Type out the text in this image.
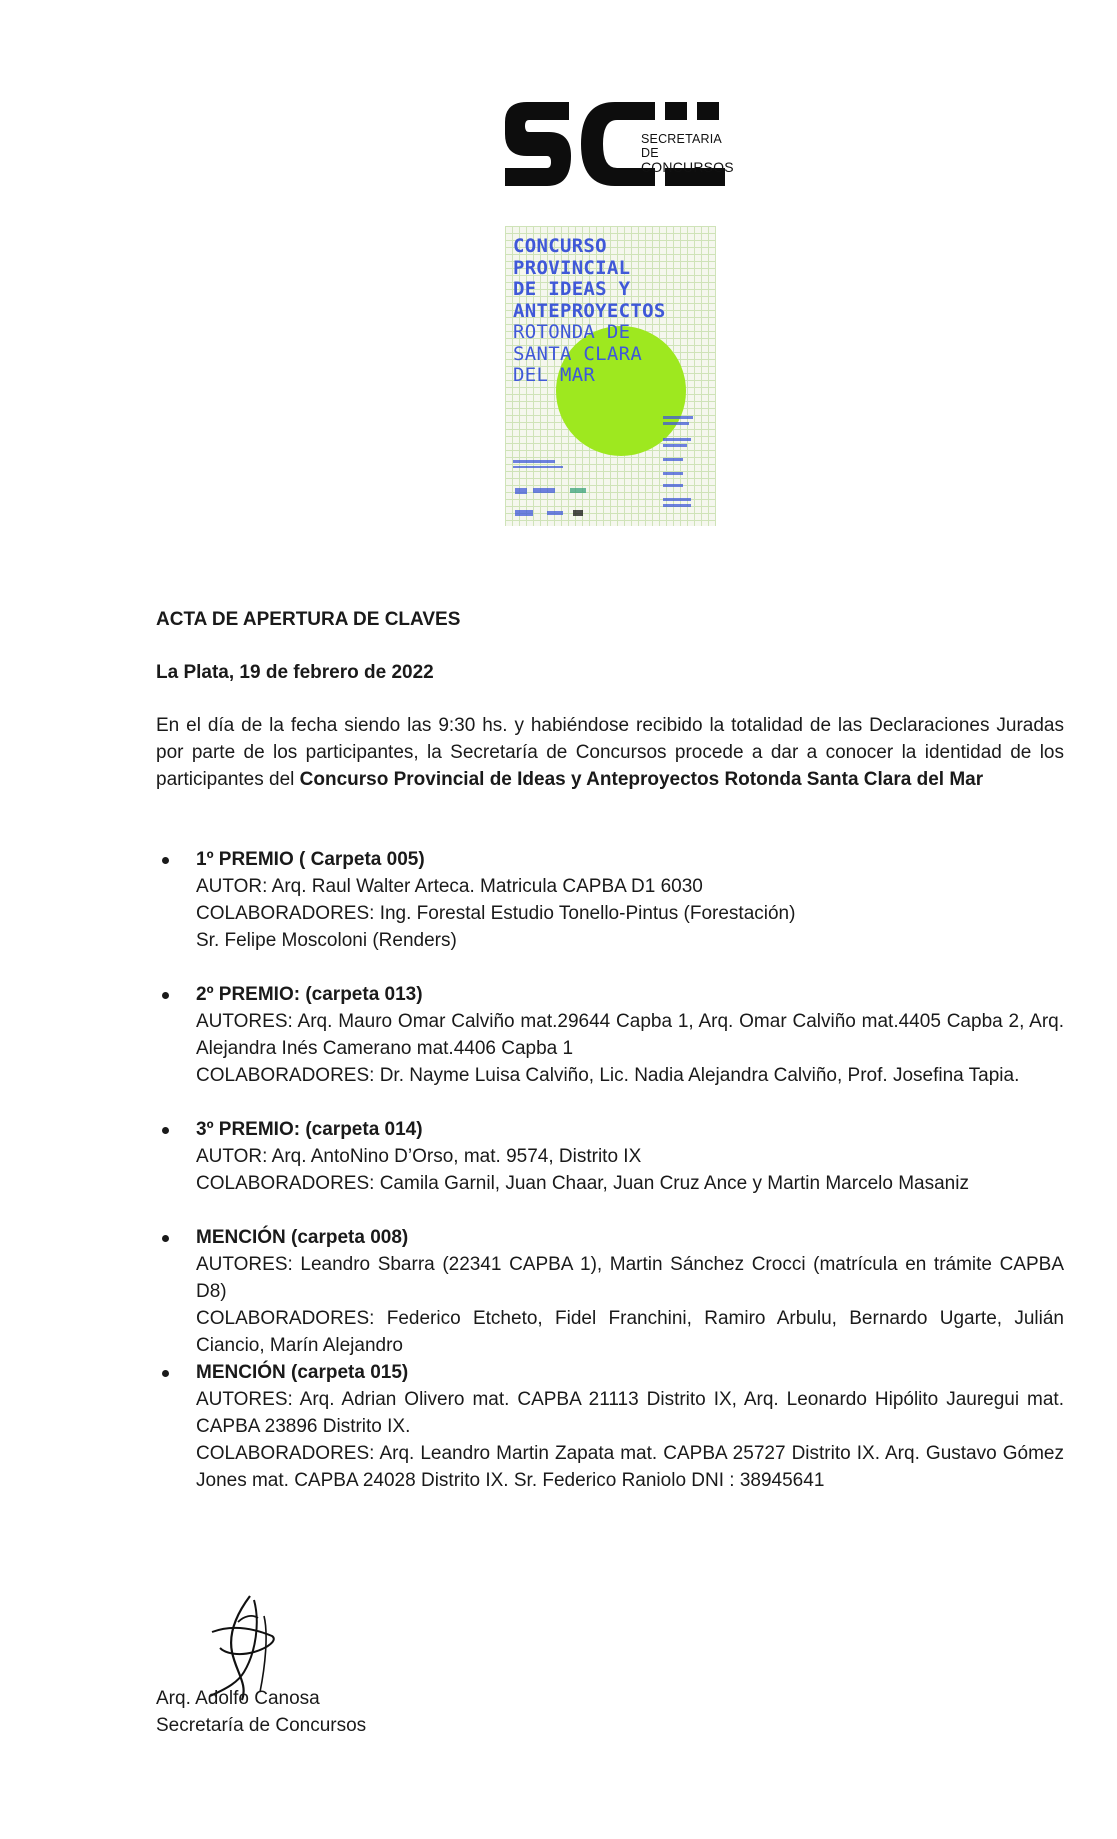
SECRETARIA DE
CONCURSOS
CONCURSO
PROVINCIAL
DE IDEAS Y
ANTEPROYECTOS
ROTONDA DE
SANTA CLARA
DEL MAR
ACTA DE APERTURA DE CLAVES
La Plata, 19 de febrero de 2022
En el día de la fecha siendo las 9:30 hs. y habiéndose recibido la totalidad de las Declaraciones Juradas por parte de los participantes, la Secretaría de Concursos procede a dar a conocer la identidad de los participantes del Concurso Provincial de Ideas y Anteproyectos Rotonda Santa Clara del Mar

1º PREMIO ( Carpeta 005)

AUTOR: Arq. Raul Walter Arteca. Matricula CAPBA D1 6030

COLABORADORES: Ing. Forestal Estudio Tonello-Pintus (Forestación)

Sr. Felipe Moscoloni (Renders)

2º PREMIO: (carpeta 013)

AUTORES: Arq. Mauro Omar Calviño mat.29644 Capba 1, Arq. Omar Calviño mat.4405 Capba 2, Arq. Alejandra Inés Camerano mat.4406 Capba 1

COLABORADORES: Dr. Nayme Luisa Calviño, Lic. Nadia Alejandra Calviño, Prof. Josefina Tapia.

3º PREMIO: (carpeta 014)

AUTOR: Arq. AntoNino D’Orso, mat. 9574, Distrito IX

COLABORADORES: Camila Garnil, Juan Chaar, Juan Cruz Ance y Martin Marcelo Masaniz

MENCIÓN (carpeta 008)

AUTORES: Leandro Sbarra (22341 CAPBA 1), Martin Sánchez Crocci (matrícula en trámite CAPBA D8)

COLABORADORES: Federico Etcheto, Fidel Franchini, Ramiro Arbulu, Bernardo Ugarte, Julián Ciancio, Marín Alejandro

MENCIÓN (carpeta 015)

AUTORES: Arq. Adrian Olivero mat. CAPBA 21113 Distrito IX, Arq. Leonardo Hipólito Jauregui mat. CAPBA 23896 Distrito IX.

COLABORADORES: Arq. Leandro Martin Zapata mat. CAPBA 25727 Distrito IX. Arq. Gustavo Gómez Jones mat. CAPBA 24028 Distrito IX. Sr. Federico Raniolo DNI : 38945641

Arq. Adolfo Canosa
Secretaría de Concursos
